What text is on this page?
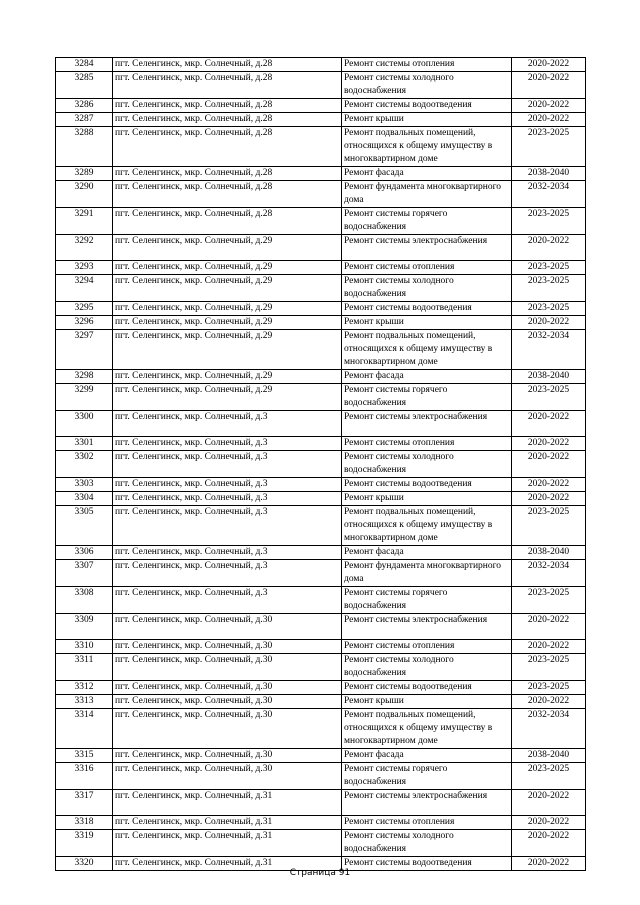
3284	пгт. Селенгинск, мкр. Солнечный, д.28	Ремонт системы отопления	2020-2022
3285	пгт. Селенгинск, мкр. Солнечный, д.28	Ремонт системы холодного водоснабжения	2020-2022
3286	пгт. Селенгинск, мкр. Солнечный, д.28	Ремонт системы водоотведения	2020-2022
3287	пгт. Селенгинск, мкр. Солнечный, д.28	Ремонт крыши	2020-2022
3288	пгт. Селенгинск, мкр. Солнечный, д.28	Ремонт подвальных помещений, относящихся к общему имуществу в многоквартирном доме	2023-2025
3289	пгт. Селенгинск, мкр. Солнечный, д.28	Ремонт фасада	2038-2040
3290	пгт. Селенгинск, мкр. Солнечный, д.28	Ремонт фундамента многоквартирного дома	2032-2034
3291	пгт. Селенгинск, мкр. Солнечный, д.28	Ремонт системы горячего водоснабжения	2023-2025
3292	пгт. Селенгинск, мкр. Солнечный, д.29	Ремонт системы электроснабжения	2020-2022
3293	пгт. Селенгинск, мкр. Солнечный, д.29	Ремонт системы отопления	2023-2025
3294	пгт. Селенгинск, мкр. Солнечный, д.29	Ремонт системы холодного водоснабжения	2023-2025
3295	пгт. Селенгинск, мкр. Солнечный, д.29	Ремонт системы водоотведения	2023-2025
3296	пгт. Селенгинск, мкр. Солнечный, д.29	Ремонт крыши	2020-2022
3297	пгт. Селенгинск, мкр. Солнечный, д.29	Ремонт подвальных помещений, относящихся к общему имуществу в многоквартирном доме	2032-2034
3298	пгт. Селенгинск, мкр. Солнечный, д.29	Ремонт фасада	2038-2040
3299	пгт. Селенгинск, мкр. Солнечный, д.29	Ремонт системы горячего водоснабжения	2023-2025
3300	пгт. Селенгинск, мкр. Солнечный, д.3	Ремонт системы электроснабжения	2020-2022
3301	пгт. Селенгинск, мкр. Солнечный, д.3	Ремонт системы отопления	2020-2022
3302	пгт. Селенгинск, мкр. Солнечный, д.3	Ремонт системы холодного водоснабжения	2020-2022
3303	пгт. Селенгинск, мкр. Солнечный, д.3	Ремонт системы водоотведения	2020-2022
3304	пгт. Селенгинск, мкр. Солнечный, д.3	Ремонт крыши	2020-2022
3305	пгт. Селенгинск, мкр. Солнечный, д.3	Ремонт подвальных помещений, относящихся к общему имуществу в многоквартирном доме	2023-2025
3306	пгт. Селенгинск, мкр. Солнечный, д.3	Ремонт фасада	2038-2040
3307	пгт. Селенгинск, мкр. Солнечный, д.3	Ремонт фундамента многоквартирного дома	2032-2034
3308	пгт. Селенгинск, мкр. Солнечный, д.3	Ремонт системы горячего водоснабжения	2023-2025
3309	пгт. Селенгинск, мкр. Солнечный, д.30	Ремонт системы электроснабжения	2020-2022
3310	пгт. Селенгинск, мкр. Солнечный, д.30	Ремонт системы отопления	2020-2022
3311	пгт. Селенгинск, мкр. Солнечный, д.30	Ремонт системы холодного водоснабжения	2023-2025
3312	пгт. Селенгинск, мкр. Солнечный, д.30	Ремонт системы водоотведения	2023-2025
3313	пгт. Селенгинск, мкр. Солнечный, д.30	Ремонт крыши	2020-2022
3314	пгт. Селенгинск, мкр. Солнечный, д.30	Ремонт подвальных помещений, относящихся к общему имуществу в многоквартирном доме	2032-2034
3315	пгт. Селенгинск, мкр. Солнечный, д.30	Ремонт фасада	2038-2040
3316	пгт. Селенгинск, мкр. Солнечный, д.30	Ремонт системы горячего водоснабжения	2023-2025
3317	пгт. Селенгинск, мкр. Солнечный, д.31	Ремонт системы электроснабжения	2020-2022
3318	пгт. Селенгинск, мкр. Солнечный, д.31	Ремонт системы отопления	2020-2022
3319	пгт. Селенгинск, мкр. Солнечный, д.31	Ремонт системы холодного водоснабжения	2020-2022
3320	пгт. Селенгинск, мкр. Солнечный, д.31	Ремонт системы водоотведения	2020-2022
Страница 91
